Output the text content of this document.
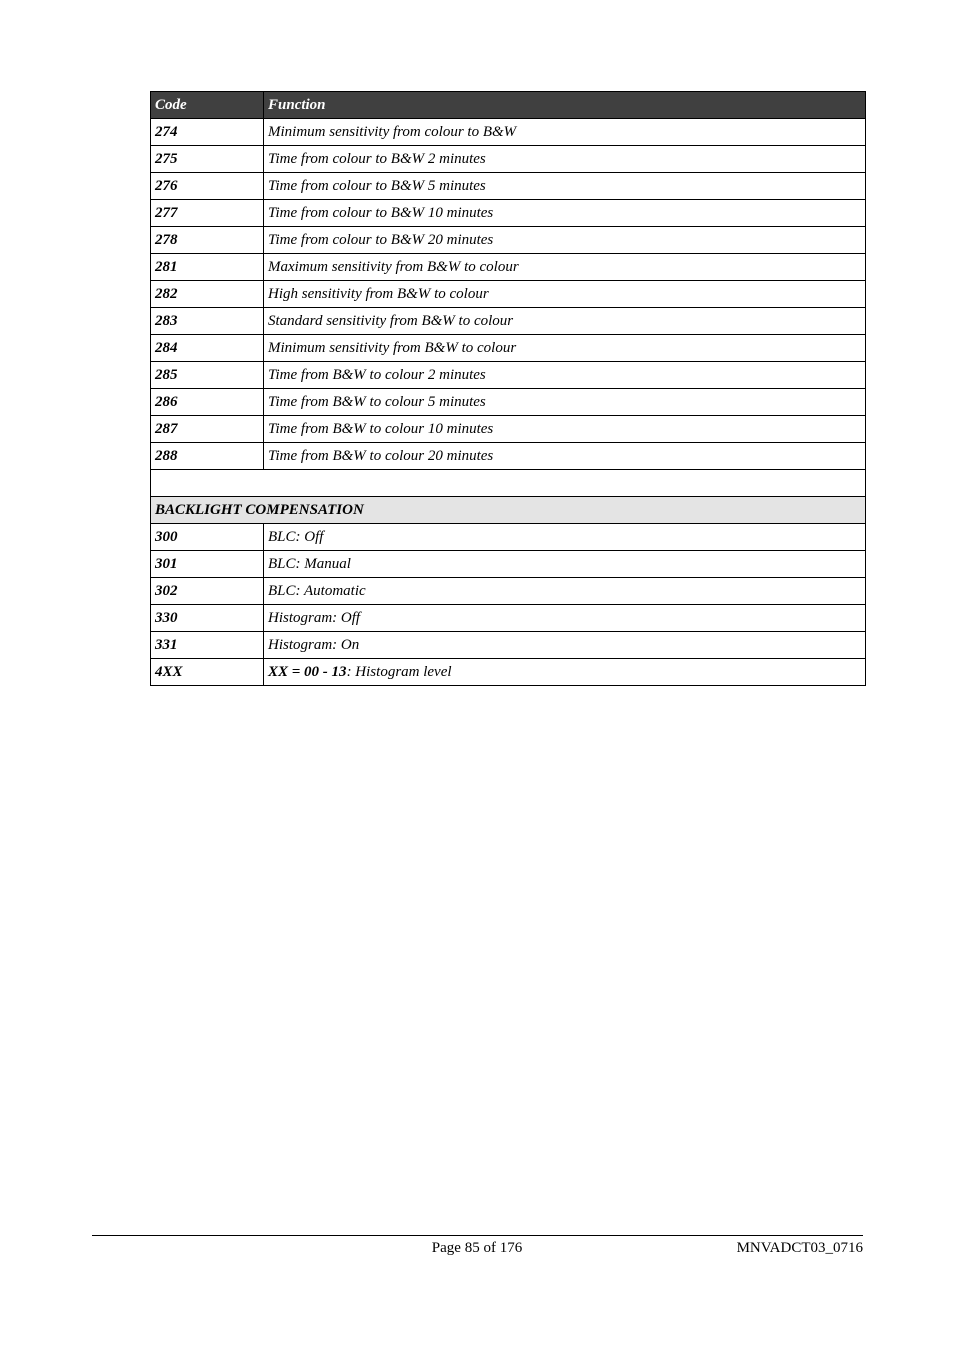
Code	Function
274	Minimum sensitivity from colour to B&W
275	Time from colour to B&W 2 minutes
276	Time from colour to B&W 5 minutes
277	Time from colour to B&W 10 minutes
278	Time from colour to B&W 20 minutes
281	Maximum sensitivity from B&W to colour
282	High sensitivity from B&W to colour
283	Standard sensitivity from B&W to colour
284	Minimum sensitivity from B&W to colour
285	Time from B&W to colour 2 minutes
286	Time from B&W to colour 5 minutes
287	Time from B&W to colour 10 minutes
288	Time from B&W to colour 20 minutes

BACKLIGHT COMPENSATION	
300	BLC: Off
301	BLC: Manual
302	BLC: Automatic
330	Histogram: Off
331	Histogram: On
4XX	XX = 00 - 13: Histogram level
Page 85 of 176	MNVADCT03_0716
